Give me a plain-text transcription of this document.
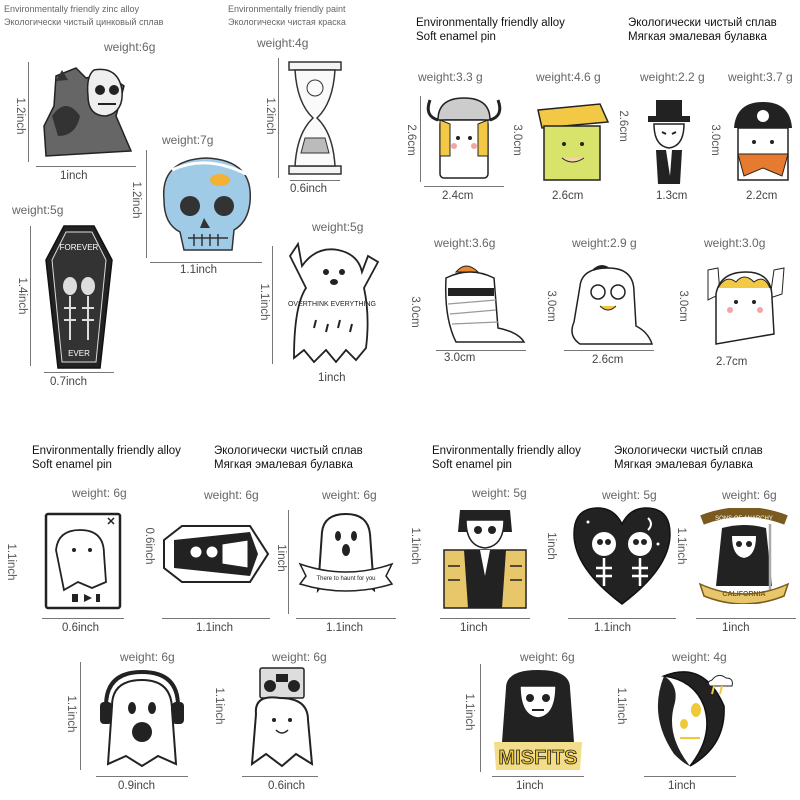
Environmentally friendly zinc alloy	Environmentally friendly paint
Экологически чистый цинковый сплав	Экологически чистая краска
weight:6g
1.2inch
1inch
weight:4g
1.2inch
0.6inch
weight:7g
1.2inch
1.1inch
weight:5g
1.4inch
FOREVER
EVER
0.7inch
weight:5g
1.1inch	OVERTHINK EVERYTHING
1inch
Environmentally friendly alloy
Soft enamel pin
Экологически чистый сплав
Мягкая эмалевая булавка
weight:3.3 g	weight:4.6 g	weight:2.2 g weight:3.7 g
2.6cm
2.4cm
3.0cm
2.6cm
2.6cm
1.3cm
3.0cm
2.2cm
weight:3.6g	weight:2.9 g	weight:3.0g
3.0cm
3.0cm
3.0cm
2.6cm
3.0cm
2.7cm
Environmentally friendly alloy
Soft enamel pin
Экологически чистый сплав
Мягкая эмалевая булавка
weight: 6g	weight: 6g	weight: 6g
1.1inch
0.6inch
0.6inch
1.1inch
1inch
There to haunt for you
1.1inch
weight: 6g
1.1inch
0.9inch
weight: 6g
1.1inch
0.6inch
Environmentally friendly alloy
Soft enamel pin
Экологически чистый сплав
Мягкая эмалевая булавка
weight: 5g	weight: 5g	weight: 6g
1.1inch
1inch
1inch
1.1inch
1.1inch
SONS OF ANARCHY
CALIFORNIA
1inch
weight: 6g
1.1inch
MISFITS
1inch
weight: 4g
1.1inch
1inch
